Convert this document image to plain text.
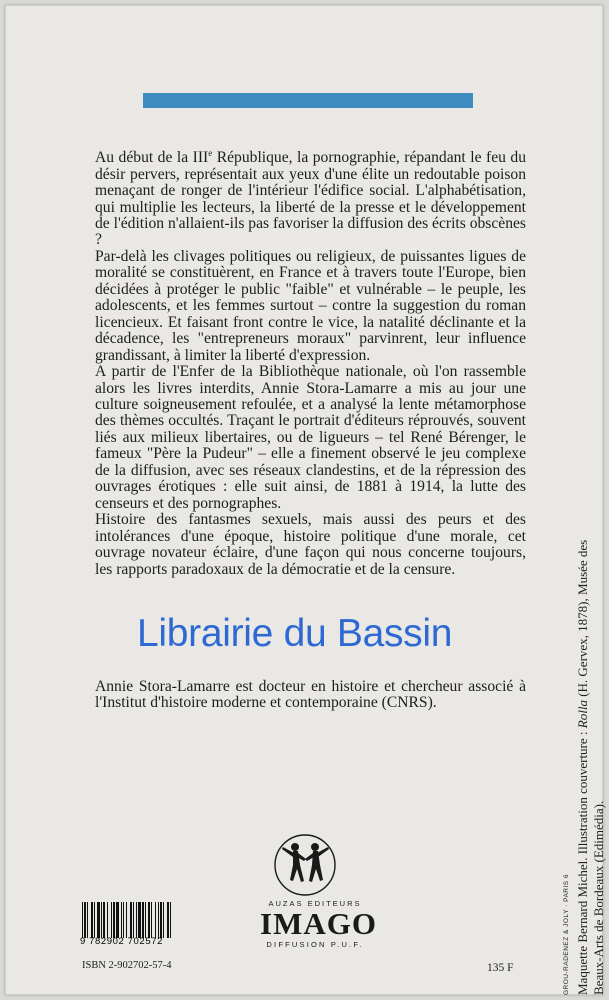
Au début de la IIIe République, la pornographie, répandant le feu du désir pervers, représentait aux yeux d'une élite un redoutable poison menaçant de ronger de l'intérieur l'édifice social. L'alphabétisation, qui multiplie les lecteurs, la liberté de la presse et le développement de l'édition n'allaient-ils pas favoriser la diffusion des écrits obscènes ?

Par-delà les clivages politiques ou religieux, de puissantes ligues de moralité se constituèrent, en France et à travers toute l'Europe, bien décidées à protéger le public "faible" et vulnérable – le peuple, les adolescents, et les femmes surtout – contre la suggestion du roman licencieux. Et faisant front contre le vice, la natalité déclinante et la décadence, les "entrepreneurs moraux" parvinrent, leur influence grandissant, à limiter la liberté d'expression.

A partir de l'Enfer de la Bibliothèque nationale, où l'on rassemble alors les livres interdits, Annie Stora-Lamarre a mis au jour une culture soigneusement refoulée, et a analysé la lente métamorphose des thèmes occultés. Traçant le portrait d'éditeurs réprouvés, souvent liés aux milieux libertaires, ou de ligueurs – tel René Bérenger, le fameux "Père la Pudeur" – elle a finement observé le jeu complexe de la diffusion, avec ses réseaux clandestins, et de la répression des ouvrages érotiques : elle suit ainsi, de 1881 à 1914, la lutte des censeurs et des pornographes.

Histoire des fantasmes sexuels, mais aussi des peurs et des intolérances d'une époque, histoire politique d'une morale, cet ouvrage novateur éclaire, d'une façon qui nous concerne toujours, les rapports paradoxaux de la démocratie et de la censure.

Annie Stora-Lamarre est docteur en histoire et chercheur associé à l'Institut d'histoire moderne et contemporaine (CNRS).
GROU-RADENEZ & JOLY · PARIS 6 Maquette Bernard Michel. Illustration couverture : Rolla (H. Gervex, 1878), Musée des
Beaux-Arts de Bordeaux (Edimédia).
AUZAS EDITEURS
IMAGO
DIFFUSION P.U.F.
9 782902 702572
ISBN 2-902702-57-4	135 F
Librairie du Bassin
